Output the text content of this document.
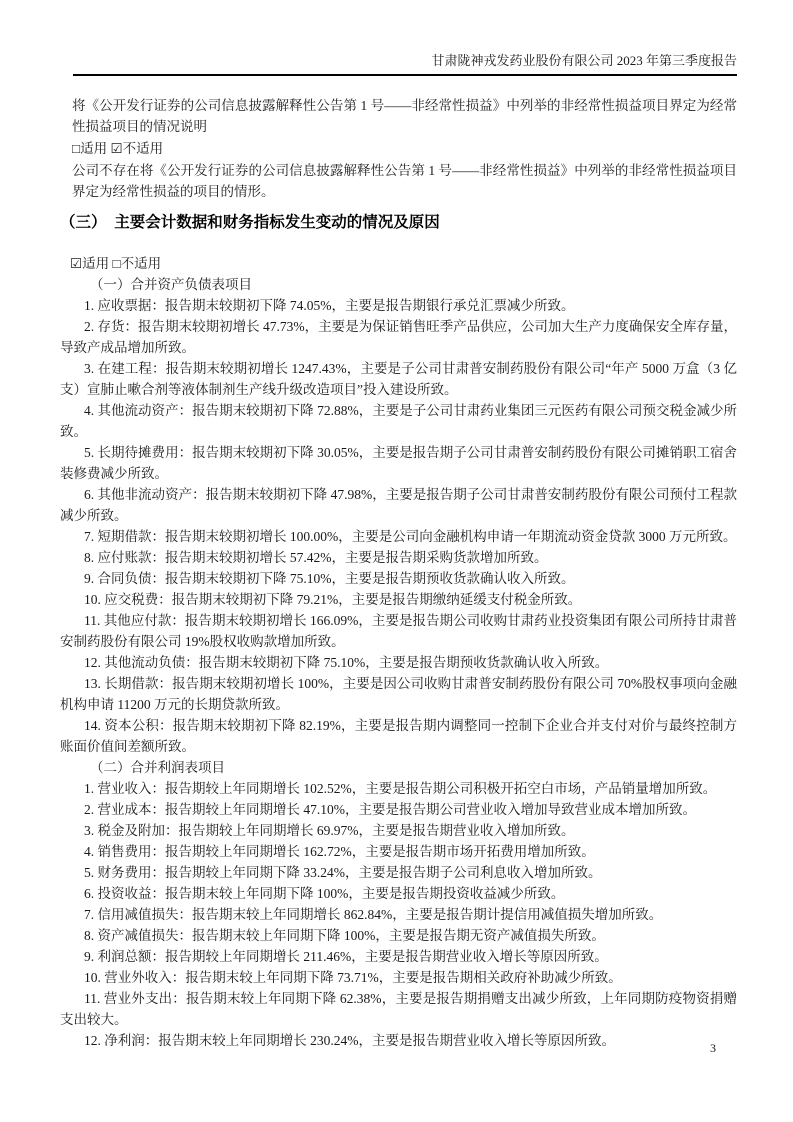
甘肃陇神戎发药业股份有限公司 2023 年第三季度报告

将《公开发行证券的公司信息披露解释性公告第 1 号——非经常性损益》中列举的非经常性损益项目界定为经常性损益项目的情况说明

□适用 ☑不适用

公司不存在将《公开发行证券的公司信息披露解释性公告第 1 号——非经常性损益》中列举的非经常性损益项目界定为经常性损益的项目的情形。

（三）　主要会计数据和财务指标发生变动的情况及原因

☑适用 □不适用

（一）合并资产负债表项目

1. 应收票据：报告期末较期初下降 74.05%，主要是报告期银行承兑汇票减少所致。

2. 存货：报告期末较期初增长 47.73%，主要是为保证销售旺季产品供应，公司加大生产力度确保安全库存量，导致产成品增加所致。

3. 在建工程：报告期末较期初增长 1247.43%，主要是子公司甘肃普安制药股份有限公司“年产 5000 万盒（3 亿支）宣肺止嗽合剂等液体制剂生产线升级改造项目”投入建设所致。

4. 其他流动资产：报告期末较期初下降 72.88%，主要是子公司甘肃药业集团三元医药有限公司预交税金减少所致。

5. 长期待摊费用：报告期末较期初下降 30.05%，主要是报告期子公司甘肃普安制药股份有限公司摊销职工宿舍装修费减少所致。

6. 其他非流动资产：报告期末较期初下降 47.98%，主要是报告期子公司甘肃普安制药股份有限公司预付工程款减少所致。

7. 短期借款：报告期末较期初增长 100.00%，主要是公司向金融机构申请一年期流动资金贷款 3000 万元所致。

8. 应付账款：报告期末较期初增长 57.42%，主要是报告期采购货款增加所致。

9. 合同负债：报告期末较期初下降 75.10%，主要是报告期预收货款确认收入所致。

10. 应交税费：报告期末较期初下降 79.21%，主要是报告期缴纳延缓支付税金所致。

11. 其他应付款：报告期末较期初增长 166.09%，主要是报告期公司收购甘肃药业投资集团有限公司所持甘肃普安制药股份有限公司 19%股权收购款增加所致。

12. 其他流动负债：报告期末较期初下降 75.10%，主要是报告期预收货款确认收入所致。

13. 长期借款：报告期末较期初增长 100%，主要是因公司收购甘肃普安制药股份有限公司 70%股权事项向金融机构申请 11200 万元的长期贷款所致。

14. 资本公积：报告期末较期初下降 82.19%，主要是报告期内调整同一控制下企业合并支付对价与最终控制方账面价值间差额所致。

（二）合并利润表项目

1. 营业收入：报告期较上年同期增长 102.52%，主要是报告期公司积极开拓空白市场，产品销量增加所致。

2. 营业成本：报告期较上年同期增长 47.10%，主要是报告期公司营业收入增加导致营业成本增加所致。

3. 税金及附加：报告期较上年同期增长 69.97%，主要是报告期营业收入增加所致。

4. 销售费用：报告期较上年同期增长 162.72%，主要是报告期市场开拓费用增加所致。

5. 财务费用：报告期较上年同期下降 33.24%，主要是报告期子公司利息收入增加所致。

6. 投资收益：报告期末较上年同期下降 100%，主要是报告期投资收益减少所致。

7. 信用减值损失：报告期末较上年同期增长 862.84%，主要是报告期计提信用减值损失增加所致。

8. 资产减值损失：报告期末较上年同期下降 100%，主要是报告期无资产减值损失所致。

9. 利润总额：报告期较上年同期增长 211.46%，主要是报告期营业收入增长等原因所致。

10. 营业外收入：报告期末较上年同期下降 73.71%，主要是报告期相关政府补助减少所致。

11. 营业外支出：报告期末较上年同期下降 62.38%，主要是报告期捐赠支出减少所致，上年同期防疫物资捐赠支出较大。

12. 净利润：报告期末较上年同期增长 230.24%，主要是报告期营业收入增长等原因所致。	3
